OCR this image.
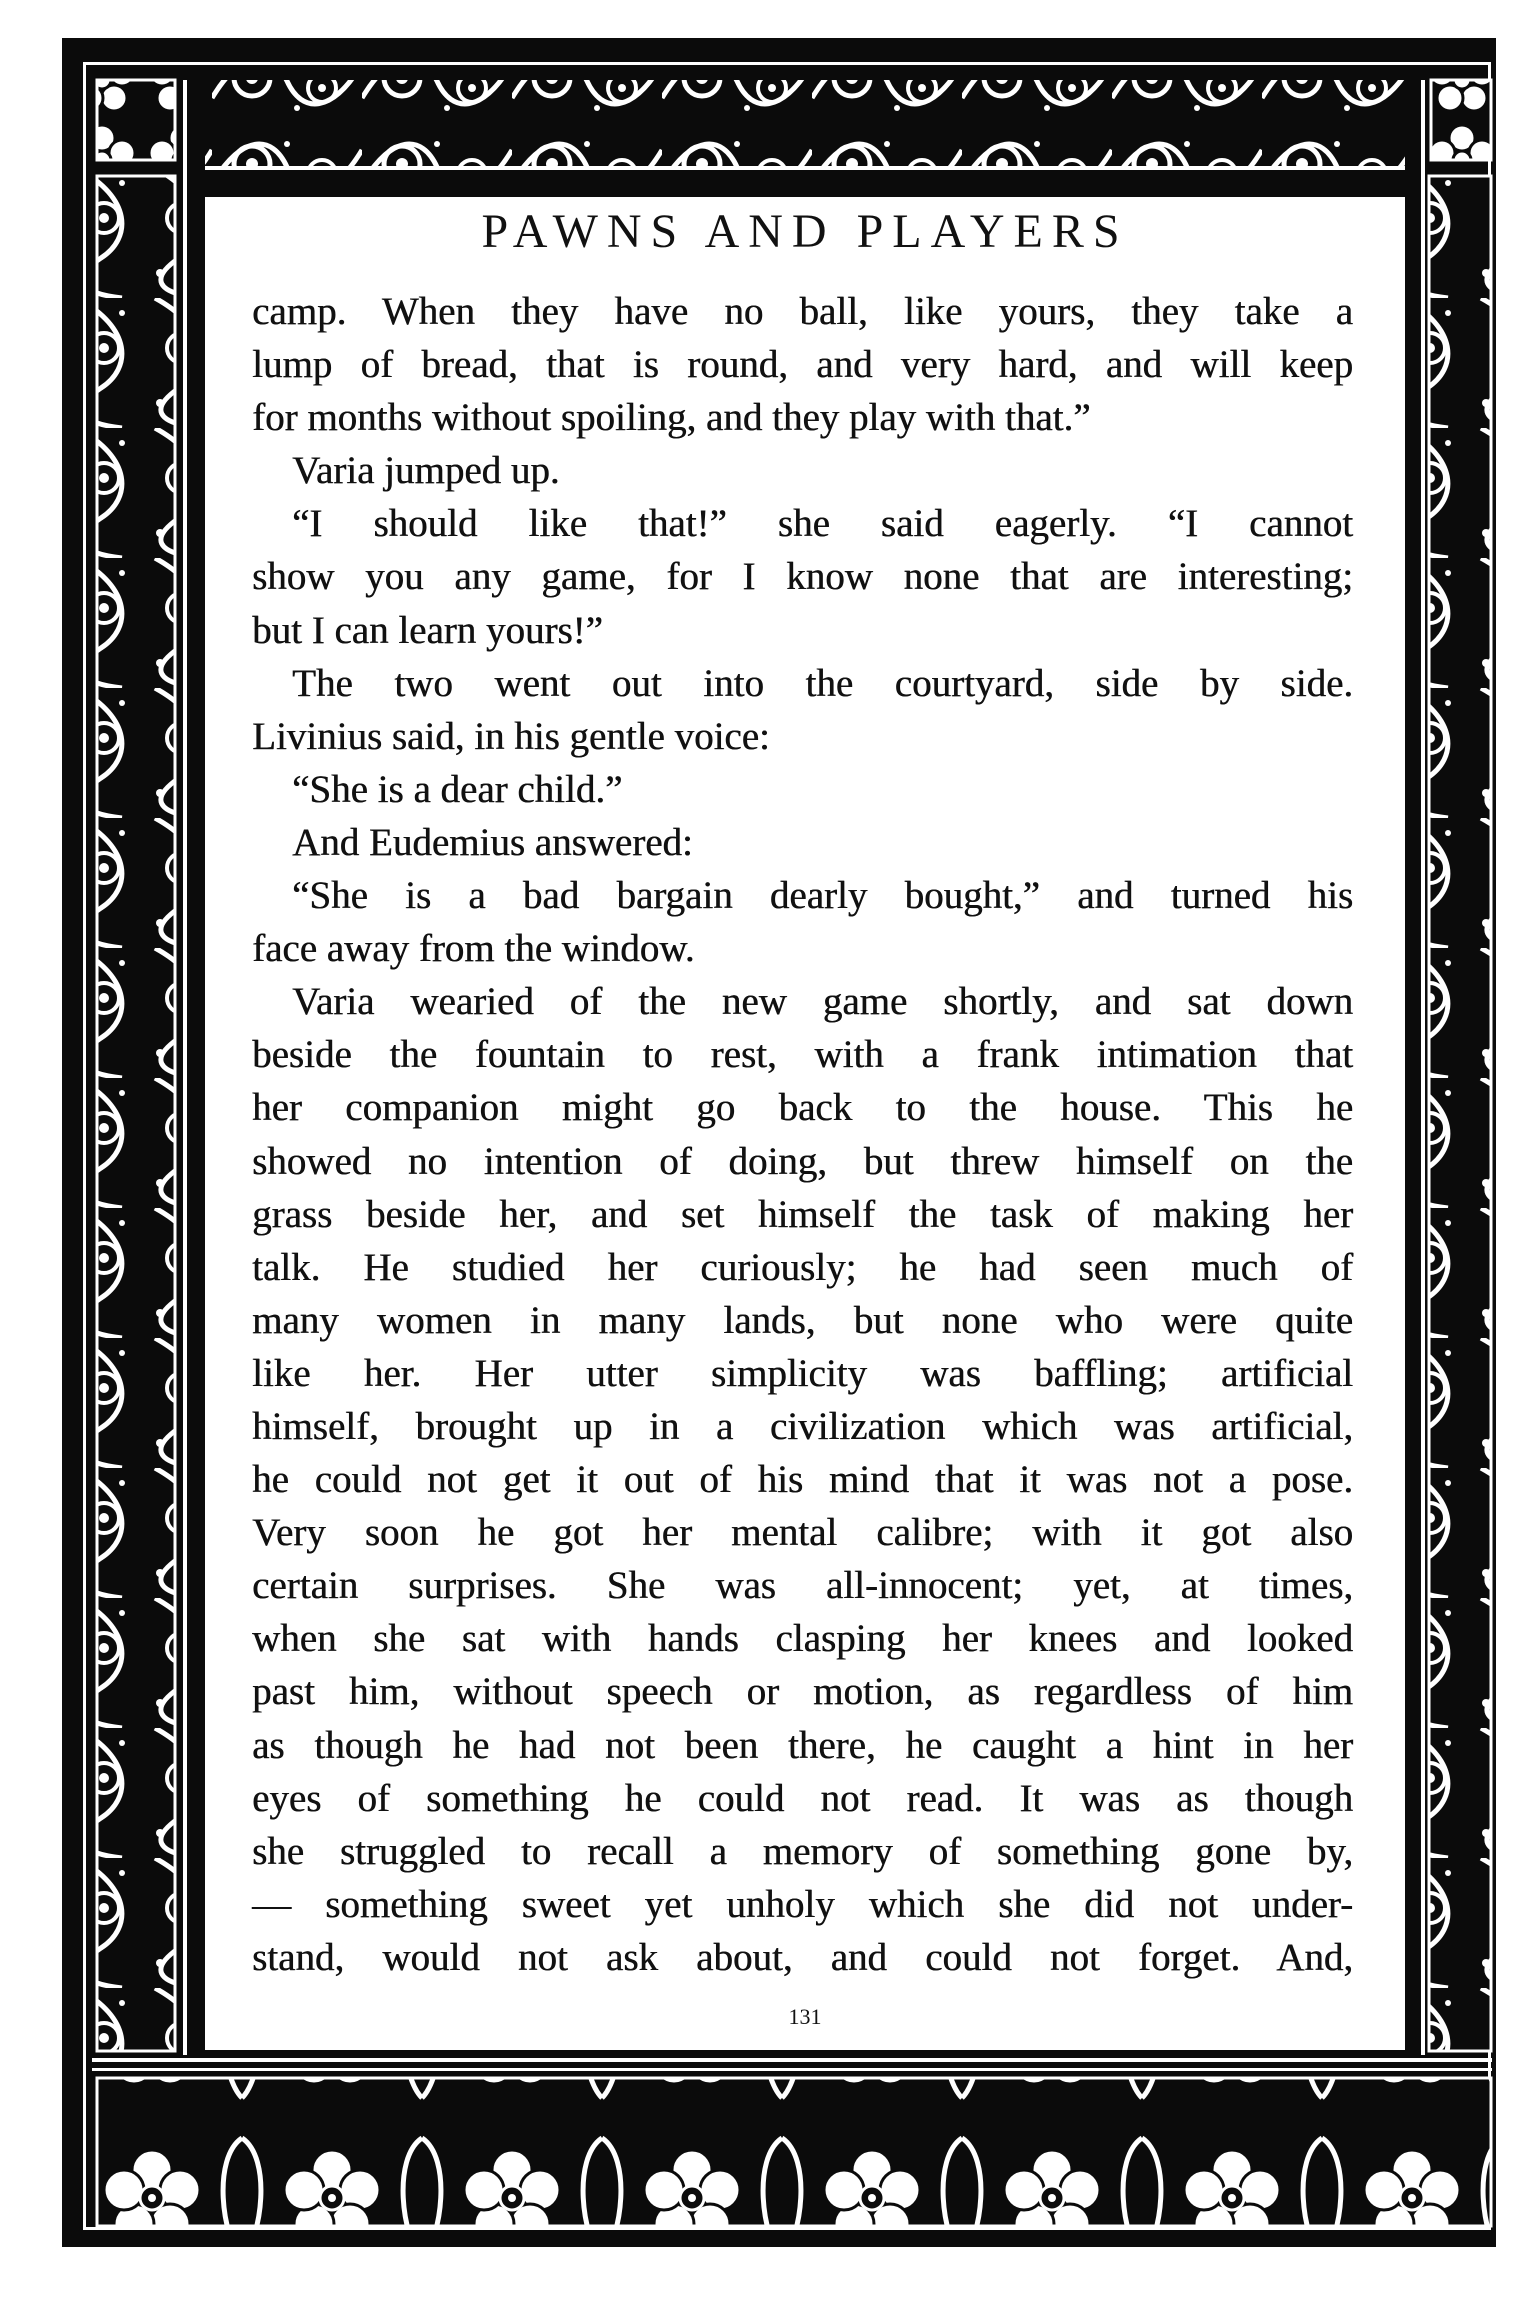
PAWNS AND PLAYERS
camp. When they have no ball, like yours, they take a
lump of bread, that is round, and very hard, and will keep
for months without spoiling, and they play with that.”
Varia jumped up.
“I should like that!” she said eagerly. “I cannot
show you any game, for I know none that are interesting;
but I can learn yours!”
The two went out into the courtyard, side by side.
Livinius said, in his gentle voice:
“She is a dear child.”
And Eudemius answered:
“She is a bad bargain dearly bought,” and turned his
face away from the window.
Varia wearied of the new game shortly, and sat down
beside the fountain to rest, with a frank intimation that
her companion might go back to the house. This he
showed no intention of doing, but threw himself on the
grass beside her, and set himself the task of making her
talk. He studied her curiously; he had seen much of
many women in many lands, but none who were quite
like her. Her utter simplicity was baffling; artificial
himself, brought up in a civilization which was artificial,
he could not get it out of his mind that it was not a pose.
Very soon he got her mental calibre; with it got also
certain surprises. She was all-innocent; yet, at times,
when she sat with hands clasping her knees and looked
past him, without speech or motion, as regardless of him
as though he had not been there, he caught a hint in her
eyes of something he could not read. It was as though
she struggled to recall a memory of something gone by,
— something sweet yet unholy which she did not under-
stand, would not ask about, and could not forget. And,
131
